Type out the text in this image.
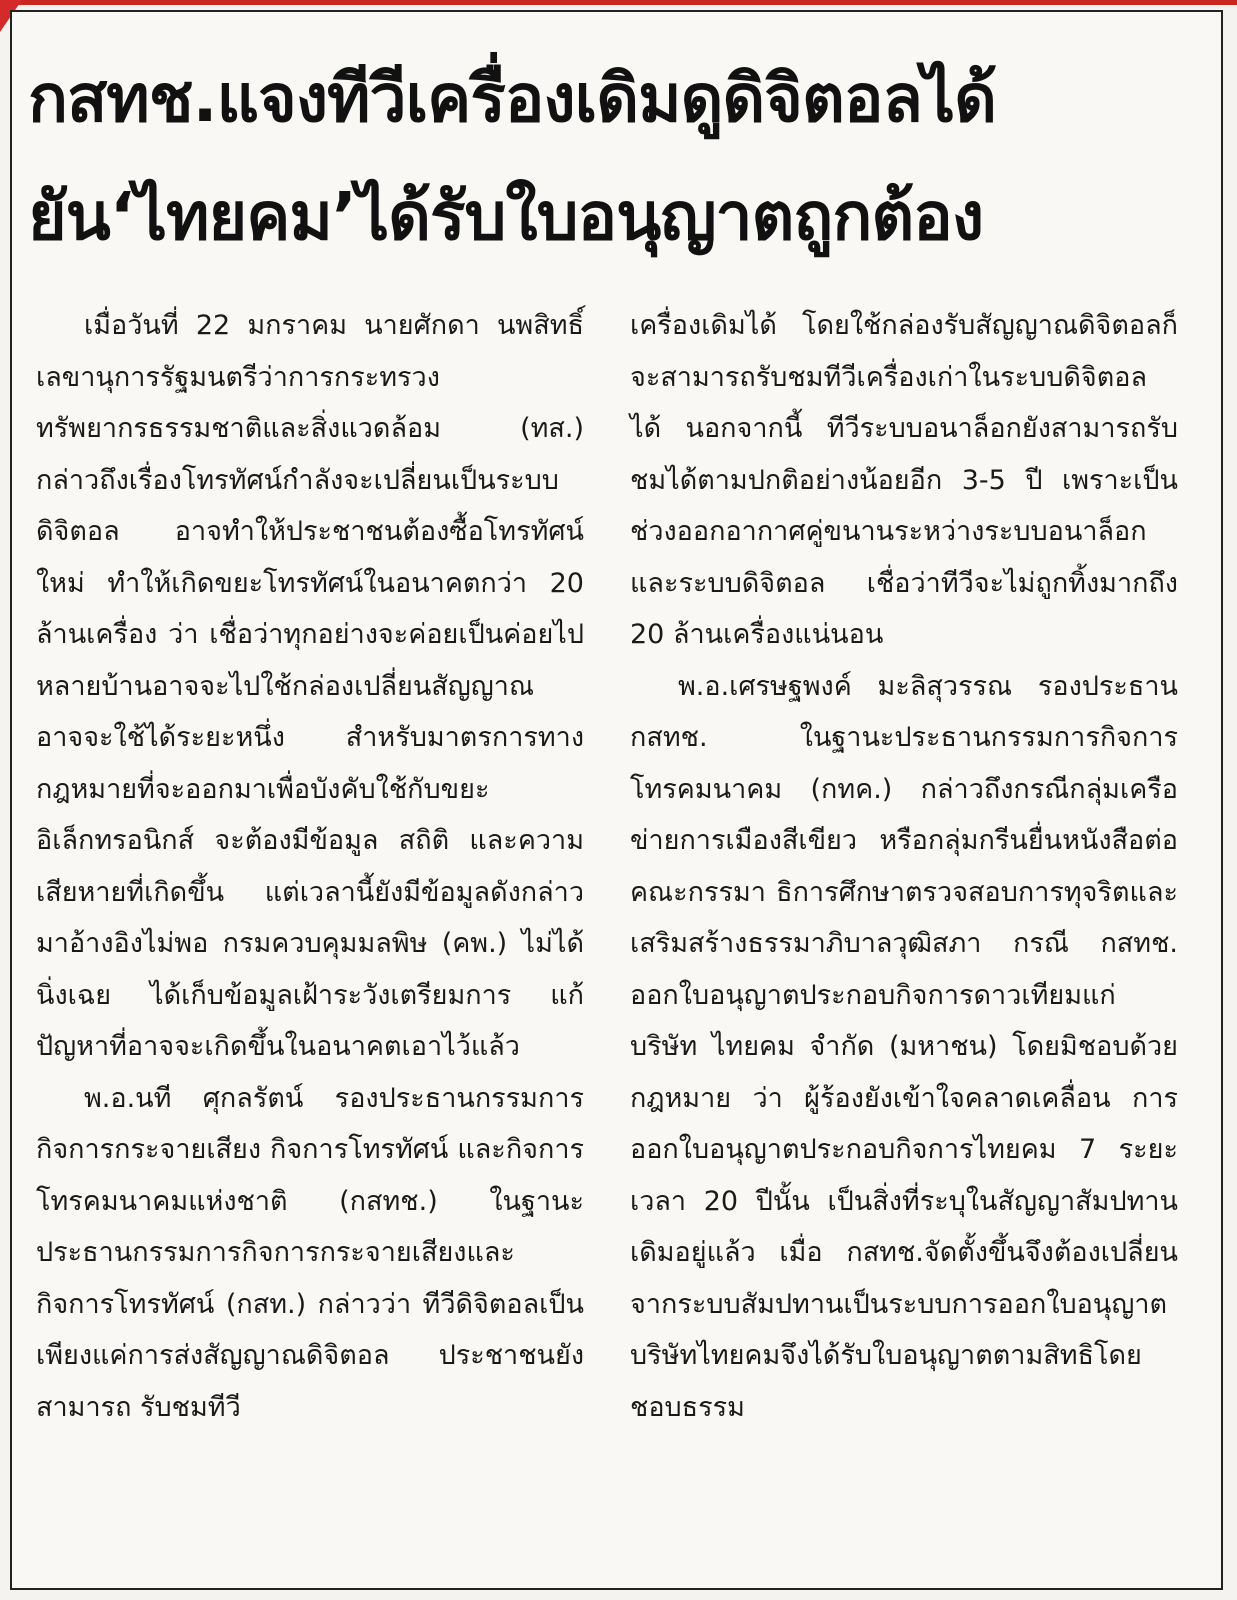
กสทช.แจงทีวีเครื่องเดิมดูดิจิตอลได้
ยัน‘ไทยคม’ได้รับใบอนุญาตถูกต้อง

เมื่อวันที่ 22 มกราคม นายศักดา นพสิทธิ์ เลขานุการรัฐมนตรีว่าการกระทรวงทรัพยากรธรรมชาติและสิ่งแวดล้อม (ทส.) กล่าวถึงเรื่องโทรทัศน์กำลังจะเปลี่ยนเป็นระบบดิจิตอล อาจทำให้ประชาชนต้องซื้อโทรทัศน์ใหม่ ทำให้เกิดขยะโทรทัศน์ในอนาคตกว่า 20 ล้านเครื่อง ว่า เชื่อว่าทุกอย่างจะค่อยเป็นค่อยไป หลายบ้านอาจจะไปใช้กล่องเปลี่ยนสัญญาณ อาจจะใช้ได้ระยะหนึ่ง สำหรับมาตรการทางกฎหมายที่จะออกมาเพื่อบังคับใช้กับขยะอิเล็กทรอนิกส์ จะต้องมีข้อมูล สถิติ และความเสียหายที่เกิดขึ้น แต่เวลานี้ยังมีข้อมูลดังกล่าวมาอ้างอิงไม่พอ กรมควบคุมมลพิษ (คพ.) ไม่ได้นิ่งเฉย ได้เก็บข้อมูลเฝ้าระวังเตรียมการ แก้ปัญหาที่อาจจะเกิดขึ้นในอนาคตเอาไว้แล้ว

พ.อ.นที ศุกลรัตน์ รองประธานกรรมการกิจการกระจายเสียง กิจการโทรทัศน์ และกิจการโทรคมนาคมแห่งชาติ (กสทช.) ในฐานะประธานกรรมการกิจการกระจายเสียงและกิจการโทรทัศน์ (กสท.) กล่าวว่า ทีวีดิจิตอลเป็นเพียงแค่การส่งสัญญาณดิจิตอล ประชาชนยังสามารถ รับชมทีวี

เครื่องเดิมได้ โดยใช้กล่องรับสัญญาณดิจิตอลก็จะสามารถรับชมทีวีเครื่องเก่าในระบบดิจิตอลได้ นอกจากนี้ ทีวีระบบอนาล็อกยังสามารถรับชมได้ตามปกติอย่างน้อยอีก 3-5 ปี เพราะเป็นช่วงออกอากาศคู่ขนานระหว่างระบบอนาล็อกและระบบดิจิตอล เชื่อว่าทีวีจะไม่ถูกทิ้งมากถึง 20 ล้านเครื่องแน่นอน

พ.อ.เศรษฐพงค์ มะลิสุวรรณ รองประธาน กสทช. ในฐานะประธานกรรมการกิจการโทรคมนาคม (กทค.) กล่าวถึงกรณีกลุ่มเครือข่ายการเมืองสีเขียว หรือกลุ่มกรีนยื่นหนังสือต่อคณะกรรมา ธิการศึกษาตรวจสอบการทุจริตและเสริมสร้างธรรมาภิบาลวุฒิสภา กรณี กสทช. ออกใบอนุญาตประกอบกิจการดาวเทียมแก่บริษัท ไทยคม จำกัด (มหาชน) โดยมิชอบด้วยกฎหมาย ว่า ผู้ร้องยังเข้าใจคลาดเคลื่อน การออกใบอนุญาตประกอบกิจการไทยคม 7 ระยะเวลา 20 ปีนั้น เป็นสิ่งที่ระบุในสัญญาสัมปทานเดิมอยู่แล้ว เมื่อ กสทช.จัดตั้งขึ้นจึงต้องเปลี่ยนจากระบบสัมปทานเป็นระบบการออกใบอนุญาต บริษัทไทยคมจึงได้รับใบอนุญาตตามสิทธิโดยชอบธรรม
